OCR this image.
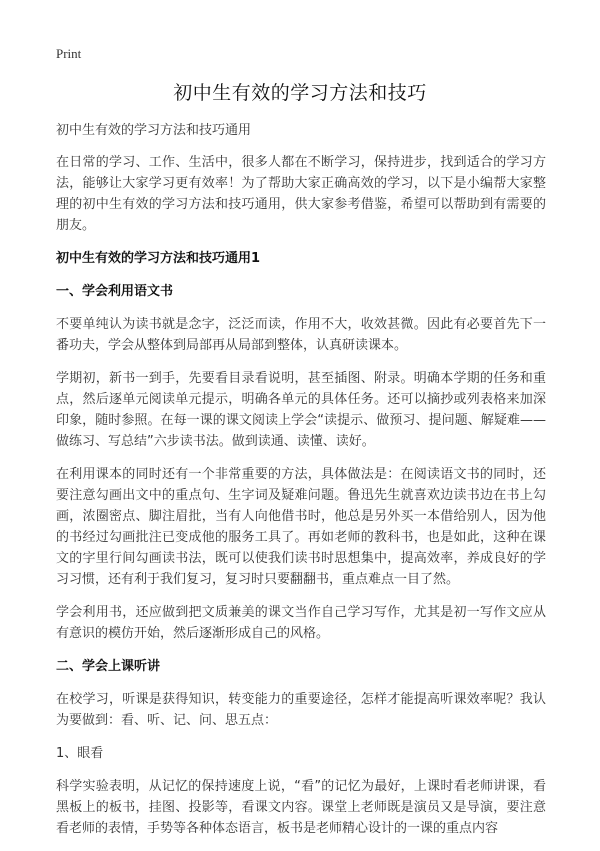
Print
初中生有效的学习方法和技巧

初中生有效的学习方法和技巧通用

在日常的学习、工作、生活中，很多人都在不断学习，保持进步，找到适合的学习方法，能够让大家学习更有效率！为了帮助大家正确高效的学习，以下是小编帮大家整理的初中生有效的学习方法和技巧通用，供大家参考借鉴，希望可以帮助到有需要的朋友。

初中生有效的学习方法和技巧通用1
一、学会利用语文书

不要单纯认为读书就是念字，泛泛而读，作用不大，收效甚微。因此有必要首先下一番功夫，学会从整体到局部再从局部到整体，认真研读课本。

学期初，新书一到手，先要看目录看说明，甚至插图、附录。明确本学期的任务和重点，然后逐单元阅读单元提示，明确各单元的具体任务。还可以摘抄或列表格来加深印象，随时参照。在每一课的课文阅读上学会“读提示、做预习、提问题、解疑难——做练习、写总结”六步读书法。做到读通、读懂、读好。

在利用课本的同时还有一个非常重要的方法，具体做法是：在阅读语文书的同时，还要注意勾画出文中的重点句、生字词及疑难问题。鲁迅先生就喜欢边读书边在书上勾画，浓圈密点、脚注眉批，当有人向他借书时，他总是另外买一本借给别人，因为他的书经过勾画批注已变成他的服务工具了。再如老师的教科书，也是如此，这种在课文的字里行间勾画读书法，既可以使我们读书时思想集中，提高效率，养成良好的学习习惯，还有利于我们复习，复习时只要翻翻书，重点难点一目了然。

学会利用书，还应做到把文质兼美的课文当作自己学习写作，尤其是初一写作文应从有意识的模仿开始，然后逐渐形成自己的风格。

二、学会上课听讲

在校学习，听课是获得知识，转变能力的重要途径，怎样才能提高听课效率呢？我认为要做到：看、听、记、问、思五点：

1、眼看

科学实验表明，从记忆的保持速度上说，“看”的记忆为最好，上课时看老师讲课，看黑板上的板书，挂图、投影等，看课文内容。课堂上老师既是演员又是导演，要注意看老师的表情，手势等各种体态语言，板书是老师精心设计的一课的重点内容
